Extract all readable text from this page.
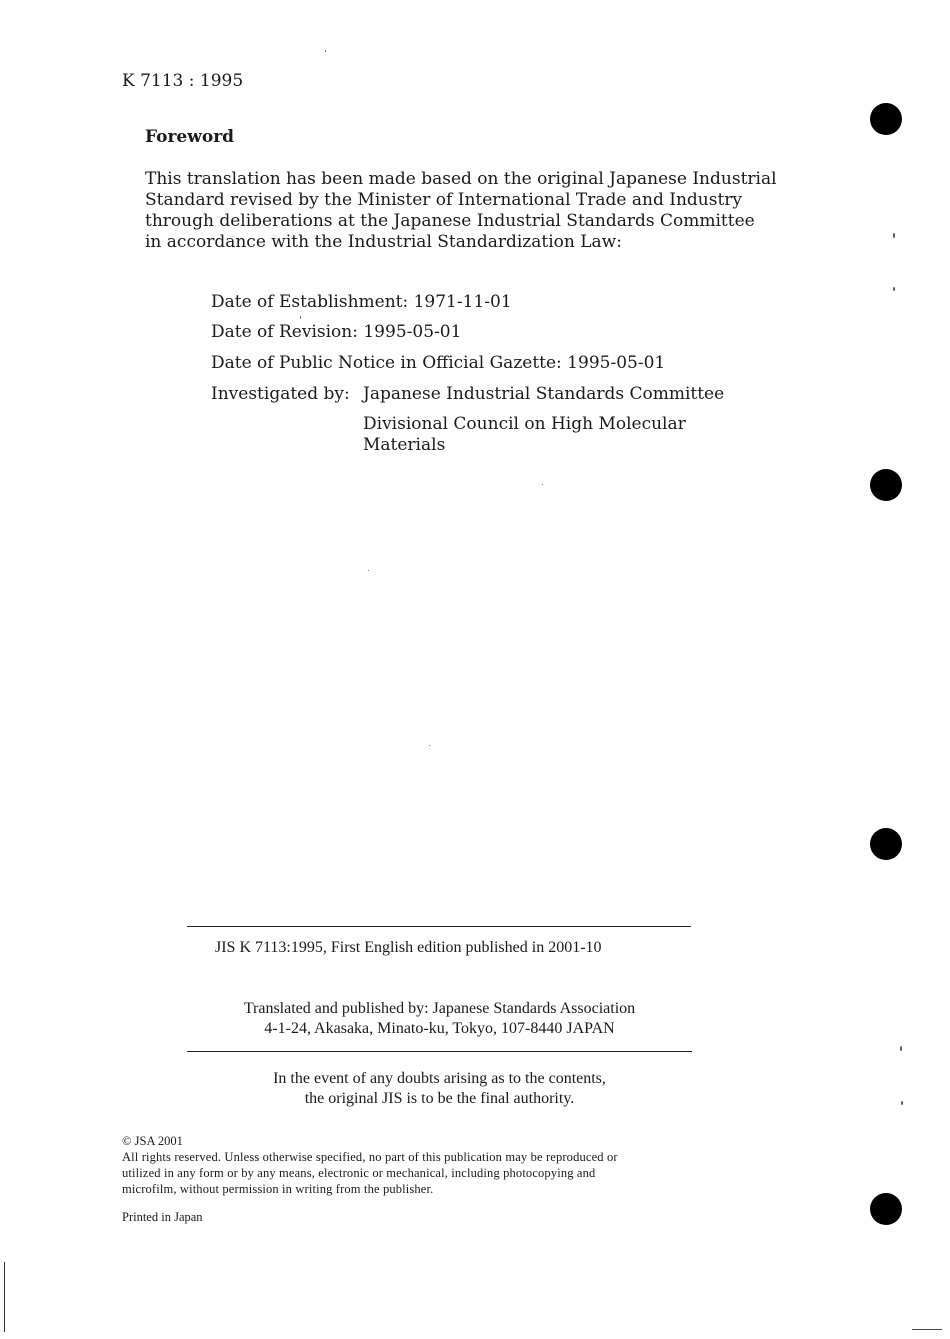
K 7113 : 1995
Foreword
This translation has been made based on the original Japanese Industrial
Standard revised by the Minister of International Trade and Industry
through deliberations at the Japanese Industrial Standards Committee
in accordance with the Industrial Standardization Law:
Date of Establishment: 1971-11-01
Date of Revision: 1995-05-01
Date of Public Notice in Official Gazette: 1995-05-01
Investigated by: Japanese Industrial Standards Committee
Divisional Council on High Molecular
Materials
JIS K 7113:1995, First English edition published in 2001-10
Translated and published by: Japanese Standards Association
4-1-24, Akasaka, Minato-ku, Tokyo, 107-8440 JAPAN
In the event of any doubts arising as to the contents,
the original JIS is to be the final authority.
© JSA 2001
All rights reserved. Unless otherwise specified, no part of this publication may be reproduced or
utilized in any form or by any means, electronic or mechanical, including photocopying and
microfilm, without permission in writing from the publisher.
Printed in Japan
